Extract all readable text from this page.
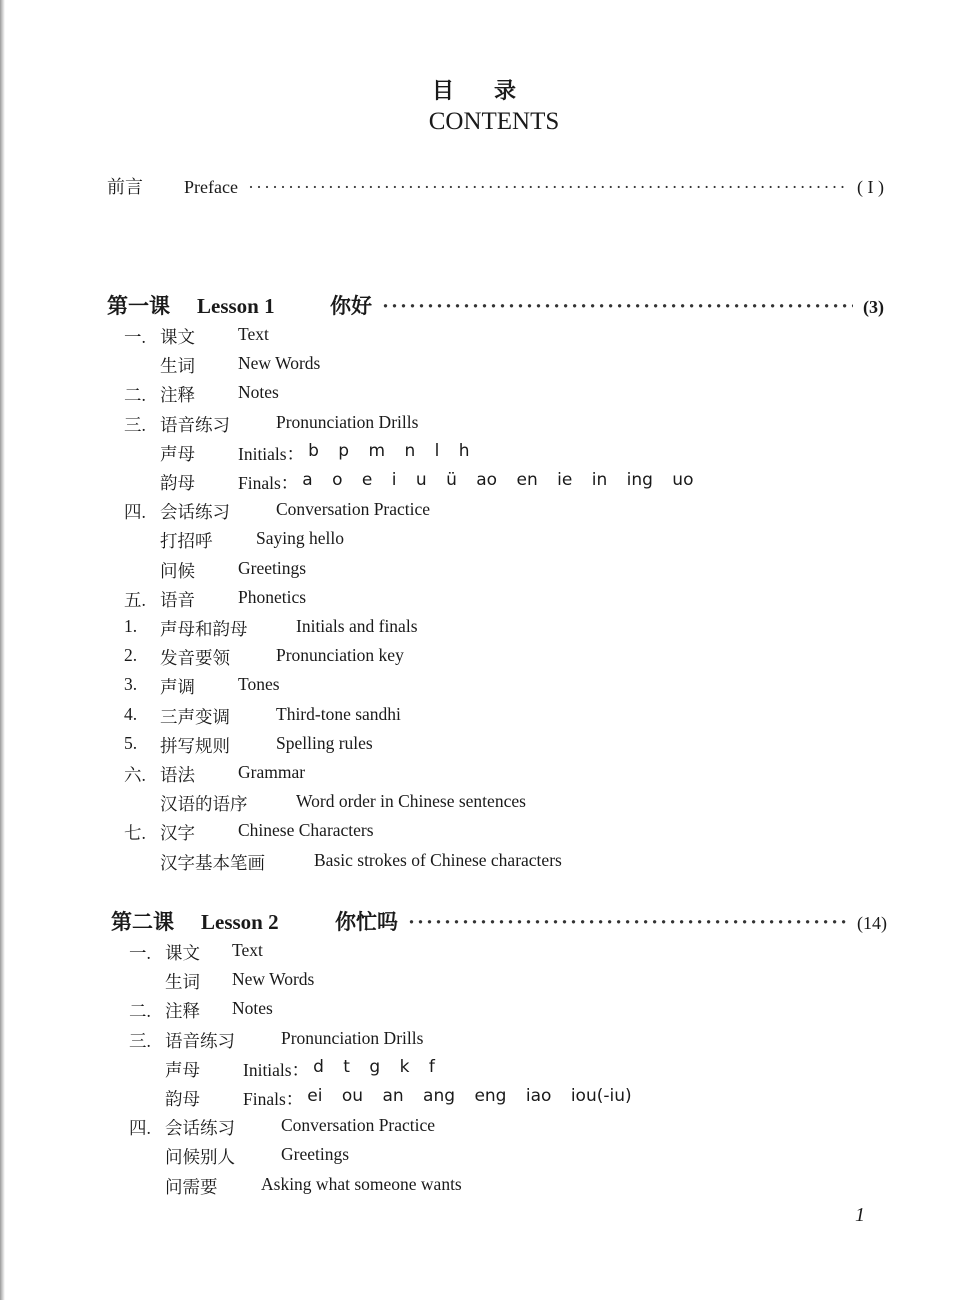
目录
CONTENTS
前言	Preface ·····	( I )
第一课	Lesson 1	你好 ·····	(3)
一. 课文	Text
生词	New Words
二. 注释	Notes
三. 语音练习	Pronunciation Drills
声母	Initials： b p m n l h
韵母	Finals： a o e i u ü ao en ie in ing uo
四. 会话练习	Conversation Practice
打招呼	Saying hello
问候	Greetings
五. 语音	Phonetics
1.	声母和韵母	Initials and finals
2.	发音要领	Pronunciation key
3.	声调	Tones
4.	三声变调	Third-tone sandhi
5.	拼写规则	Spelling rules
六. 语法	Grammar
汉语的语序	Word order in Chinese sentences
七. 汉字	Chinese Characters
汉字基本笔画	Basic strokes of Chinese characters
第二课	Lesson 2	你忙吗 ·····	(14)
一. 课文	Text
生词	New Words
二. 注释	Notes
三. 语音练习	Pronunciation Drills
声母	Initials： d t g k f
韵母	Finals： ei ou an ang eng iao iou(-iu)
四. 会话练习	Conversation Practice
问候别人	Greetings
问需要	Asking what someone wants
1
